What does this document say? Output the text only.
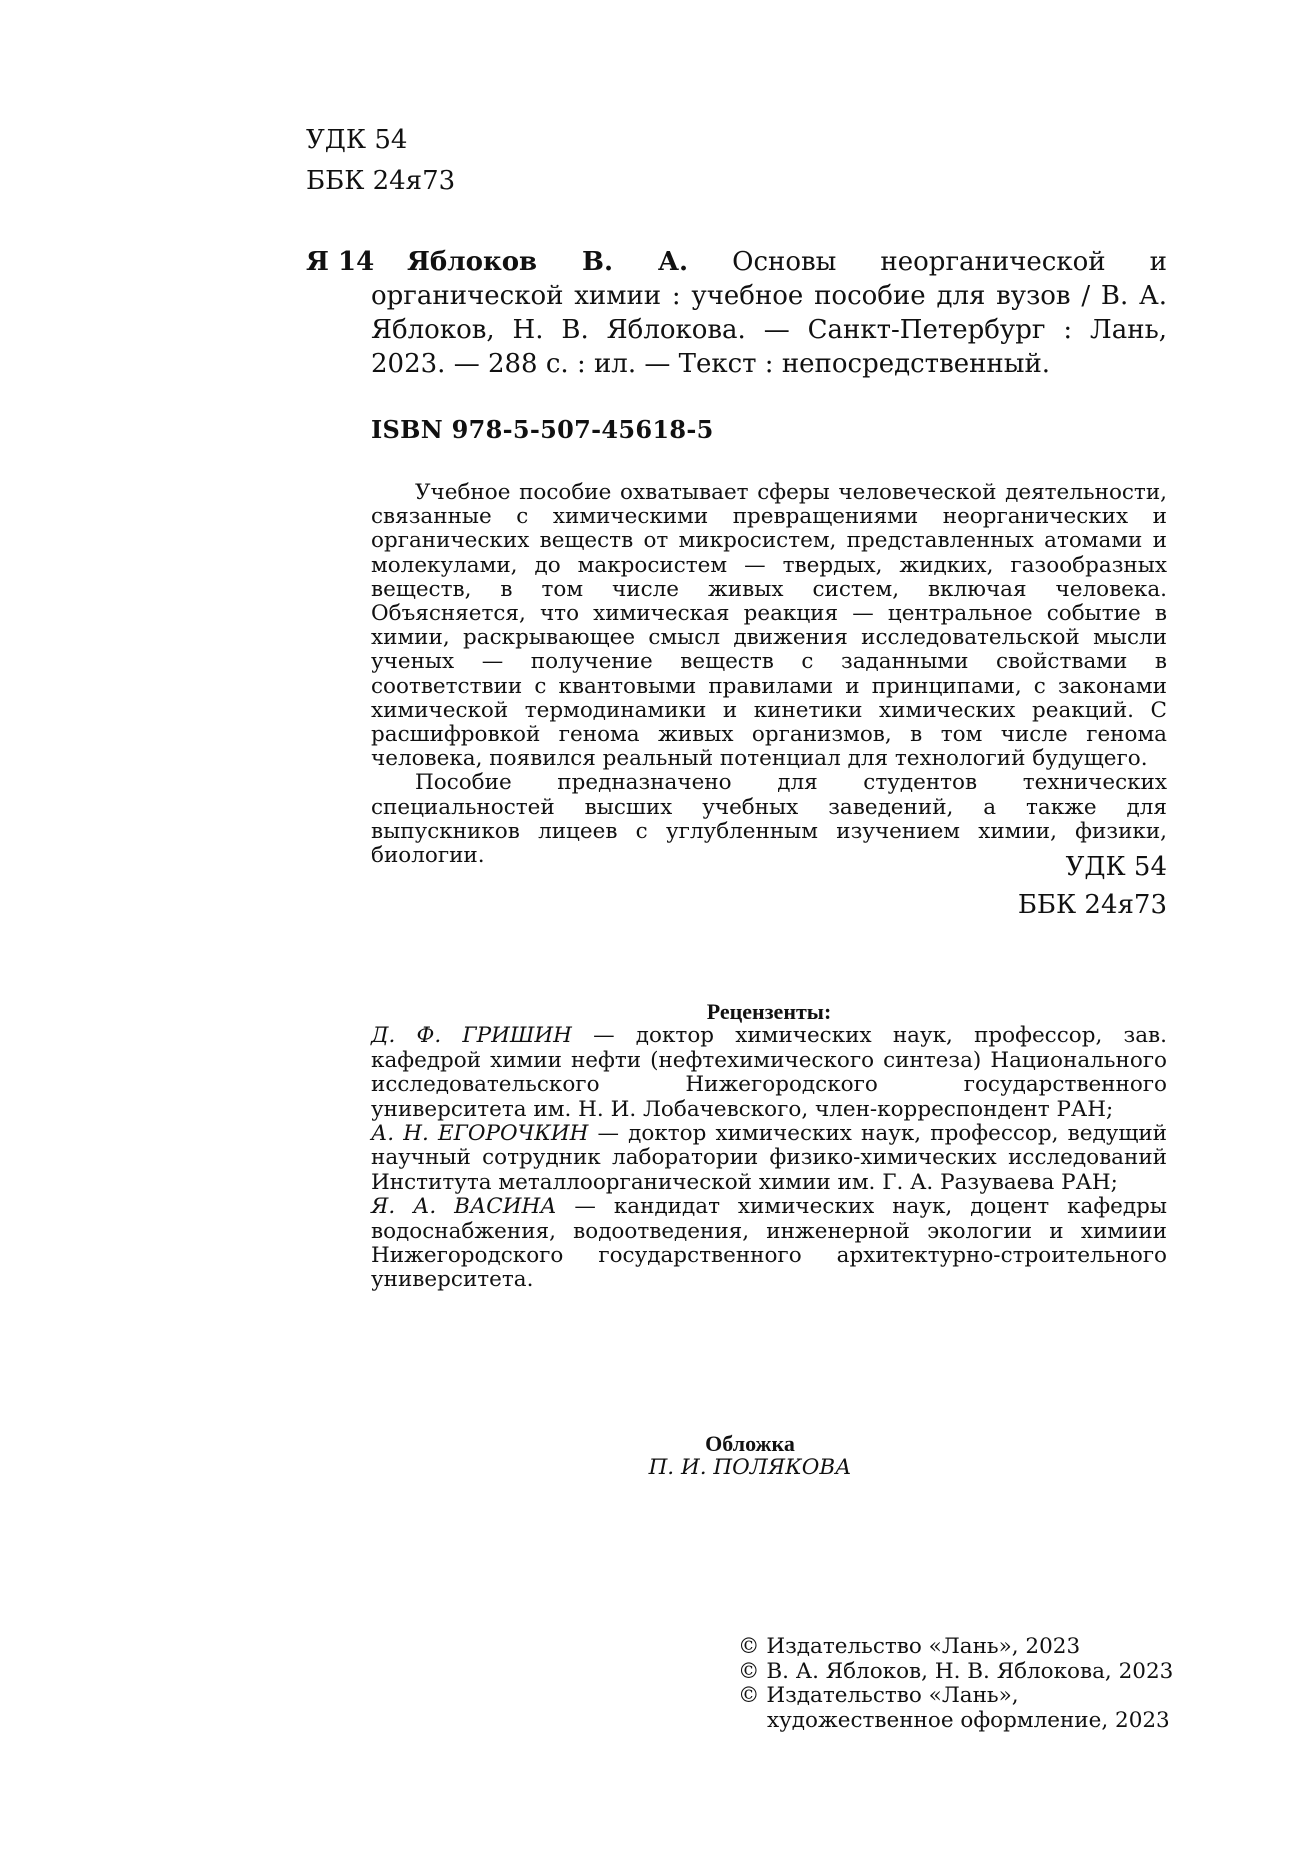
УДК 54
ББК 24я73
Я 14	Яблоков В. А. Основы неорганической и органической химии : учебное пособие для вузов / В. А. Яблоков, Н. В. Яблокова. — Санкт-Петербург : Лань, 2023. — 288 с. : ил. — Текст : непосредственный.
ISBN 978-5-507-45618-5

Учебное пособие охватывает сферы человеческой деятельности, связанные с химическими превращениями неорганических и органических веществ от микросистем, представленных атомами и молекулами, до макросистем — твердых, жидких, газообразных веществ, в том числе живых систем, включая человека. Объясняется, что химическая реакция — центральное событие в химии, раскрывающее смысл движения исследовательской мысли ученых — получение веществ с заданными свойствами в соответствии с квантовыми правилами и принципами, с законами химической термодинамики и кинетики химических реакций. С расшифровкой генома живых организмов, в том числе генома человека, появился реальный потенциал для технологий будущего.

Пособие предназначено для студентов технических специальностей высших учебных заведений, а также для выпускников лицеев с углубленным изучением химии, физики, биологии.	УДК 54
ББК 24я73
Рецензенты:
Д. Ф. ГРИШИН — доктор химических наук, профессор, зав. кафедрой химии нефти (нефтехимического синтеза) Национального исследовательского Нижегородского государственного университета им. Н. И. Лобачевского, член-корреспондент РАН;
А. Н. ЕГОРОЧКИН — доктор химических наук, профессор, ведущий научный сотрудник лаборатории физико-химических исследований Института металлоорганической химии им. Г. А. Разуваева РАН;
Я. А. ВАСИНА — кандидат химических наук, доцент кафедры водоснабжения, водоотведения, инженерной экологии и химиии Нижегородского государственного архитектурно-строительного университета.
Обложка
П. И. ПОЛЯКОВА
© Издательство «Лань», 2023
© В. А. Яблоков, Н. В. Яблокова, 2023
© Издательство «Лань»,
художественное оформление, 2023
